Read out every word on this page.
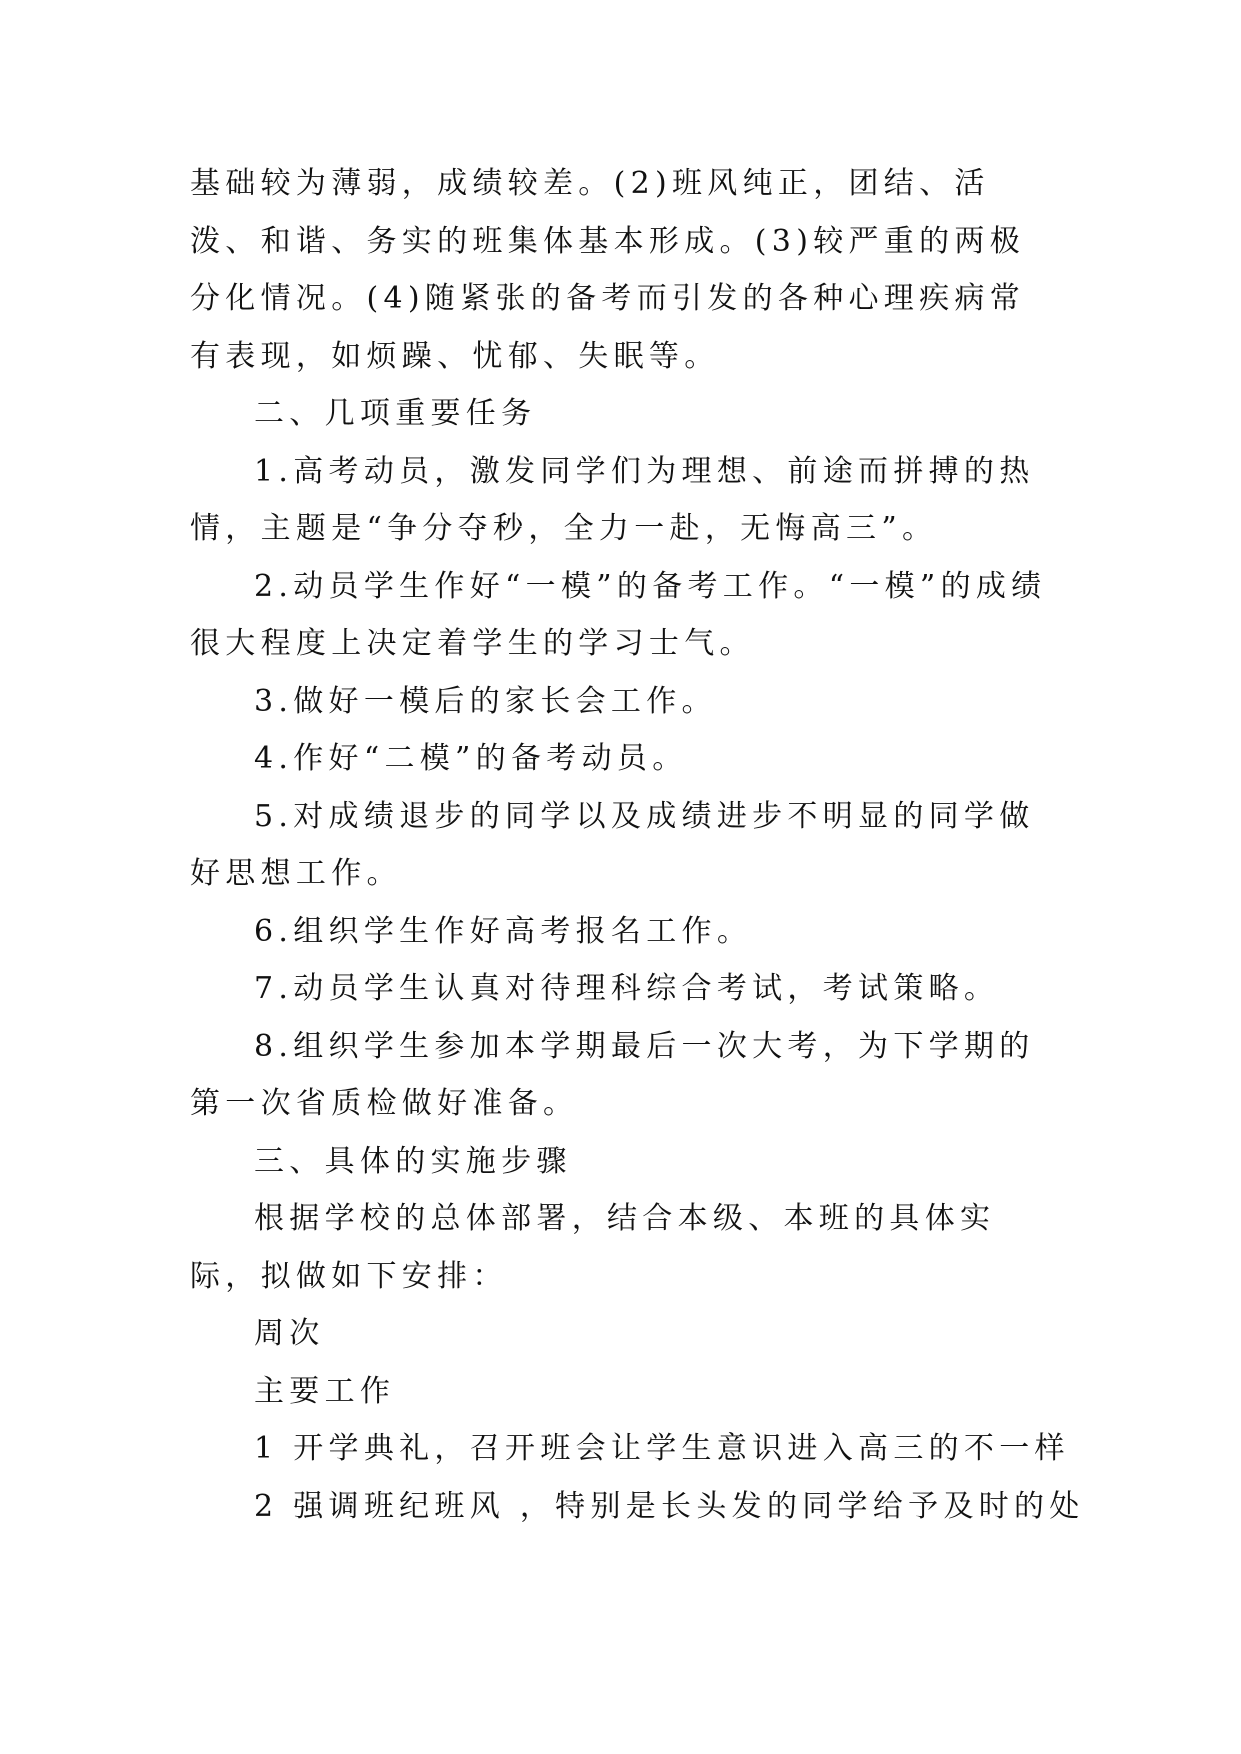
基础较为薄弱，成绩较差。(2)班风纯正，团结、活泼、和谐、务实的班集体基本形成。(3)较严重的两极分化情况。(4)随紧张的备考而引发的各种心理疾病常有表现，如烦躁、忧郁、失眠等。

二、几项重要任务

1.高考动员，激发同学们为理想、前途而拼搏的热情，主题是“争分夺秒，全力一赴，无悔高三”。

2.动员学生作好“一模”的备考工作。“一模”的成绩很大程度上决定着学生的学习士气。

3.做好一模后的家长会工作。

4.作好“二模”的备考动员。

5.对成绩退步的同学以及成绩进步不明显的同学做好思想工作。

6.组织学生作好高考报名工作。

7.动员学生认真对待理科综合考试，考试策略。

8.组织学生参加本学期最后一次大考，为下学期的第一次省质检做好准备。

三、具体的实施步骤

根据学校的总体部署，结合本级、本班的具体实际，拟做如下安排：

周次

主要工作

1 开学典礼，召开班会让学生意识进入高三的不一样

2 强调班纪班风 ，特别是长头发的同学给予及时的处
